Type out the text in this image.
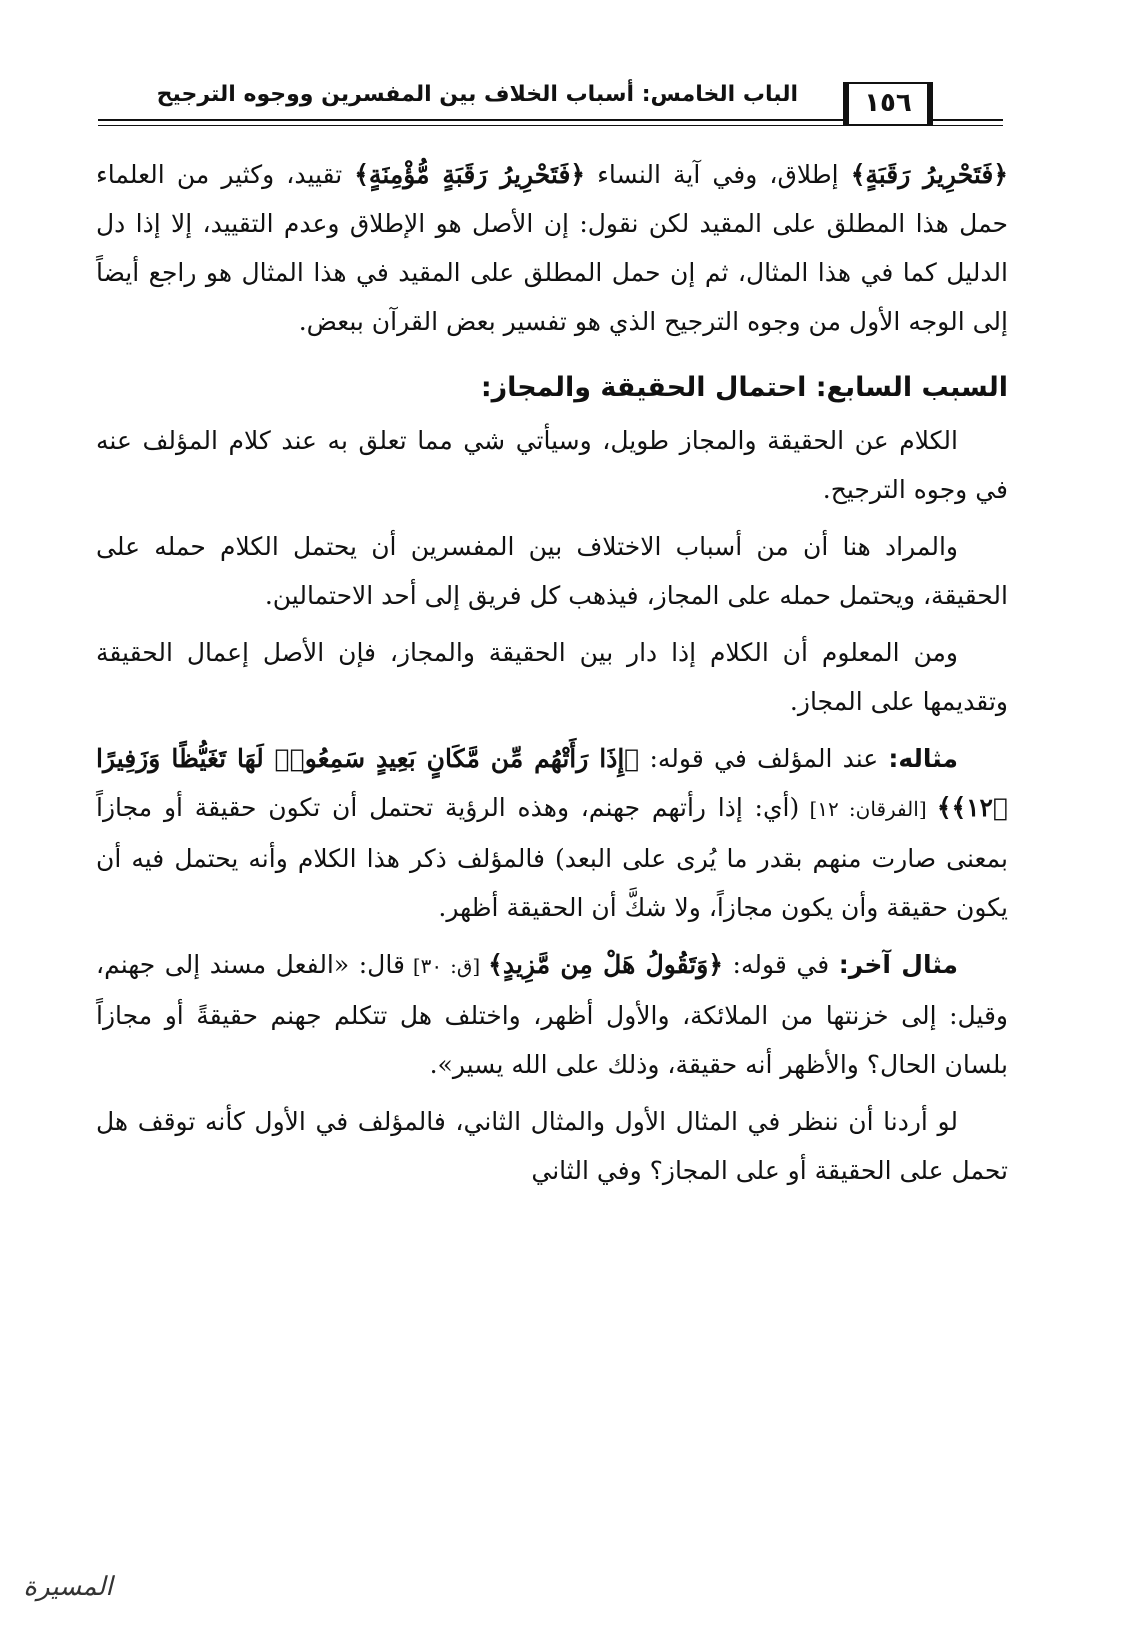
الباب الخامس: أسباب الخلاف بين المفسرين ووجوه الترجيح	١٥٦

﴿فَتَحْرِيرُ رَقَبَةٍ﴾ إطلاق، وفي آية النساء ﴿فَتَحْرِيرُ رَقَبَةٍ مُّؤْمِنَةٍ﴾ تقييد، وكثير من العلماء حمل هذا المطلق على المقيد لكن نقول: إن الأصل هو الإطلاق وعدم التقييد، إلا إذا دل الدليل كما في هذا المثال، ثم إن حمل المطلق على المقيد في هذا المثال هو راجع أيضاً إلى الوجه الأول من وجوه الترجيح الذي هو تفسير بعض القرآن ببعض.

السبب السابع: احتمال الحقيقة والمجاز:

الكلام عن الحقيقة والمجاز طويل، وسيأتي شي مما تعلق به عند كلام المؤلف عنه في وجوه الترجيح.

والمراد هنا أن من أسباب الاختلاف بين المفسرين أن يحتمل الكلام حمله على الحقيقة، ويحتمل حمله على المجاز، فيذهب كل فريق إلى أحد الاحتمالين.

ومن المعلوم أن الكلام إذا دار بين الحقيقة والمجاز، فإن الأصل إعمال الحقيقة وتقديمها على المجاز.

مثاله: عند المؤلف في قوله: ﴿إِذَا رَأَتْهُم مِّن مَّكَانٍ بَعِيدٍ سَمِعُوا۟ لَهَا تَغَيُّظًا وَزَفِيرًا ﴿١٢﴾﴾ [الفرقان: ١٢] (أي: إذا رأتهم جهنم، وهذه الرؤية تحتمل أن تكون حقيقة أو مجازاً بمعنى صارت منهم بقدر ما يُرى على البعد) فالمؤلف ذكر هذا الكلام وأنه يحتمل فيه أن يكون حقيقة وأن يكون مجازاً، ولا شكَّ أن الحقيقة أظهر.

مثال آخر: في قوله: ﴿وَتَقُولُ هَلْ مِن مَّزِيدٍ﴾ [ق: ٣٠] قال: «الفعل مسند إلى جهنم، وقيل: إلى خزنتها من الملائكة، والأول أظهر، واختلف هل تتكلم جهنم حقيقةً أو مجازاً بلسان الحال؟ والأظهر أنه حقيقة، وذلك على الله يسير».

لو أردنا أن ننظر في المثال الأول والمثال الثاني، فالمؤلف في الأول كأنه توقف هل تحمل على الحقيقة أو على المجاز؟ وفي الثاني

المسيرة
